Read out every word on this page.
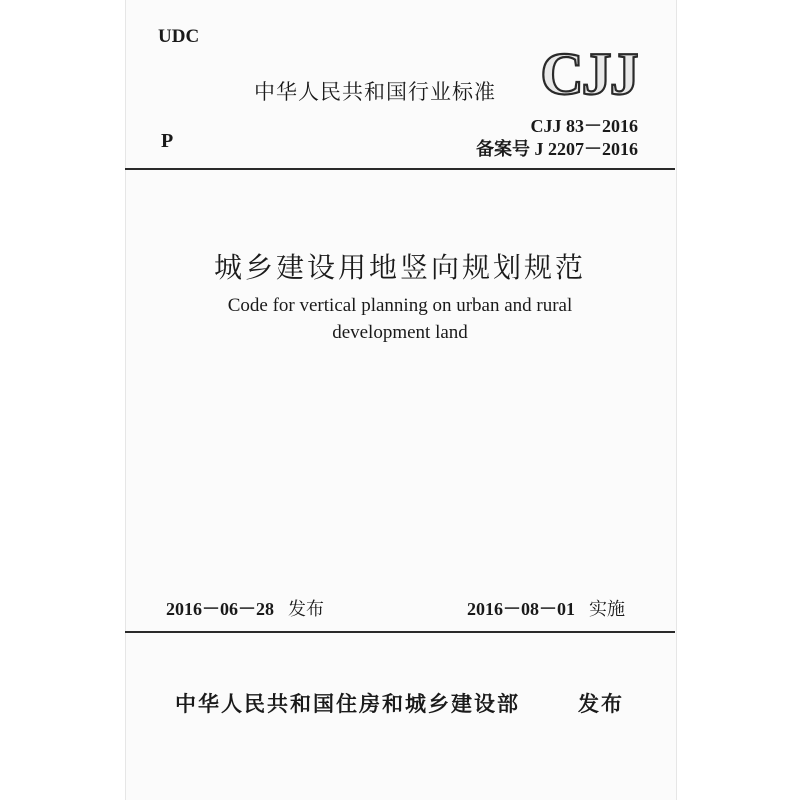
UDC
中华人民共和国行业标准 CJJ
CJJ 83－2016
P	备案号 J 2207－2016
城乡建设用地竖向规划规范
Code for vertical planning on urban and rural
development land
2016－06－28 发布	2016－08－01 实施
中华人民共和国住房和城乡建设部	发布
